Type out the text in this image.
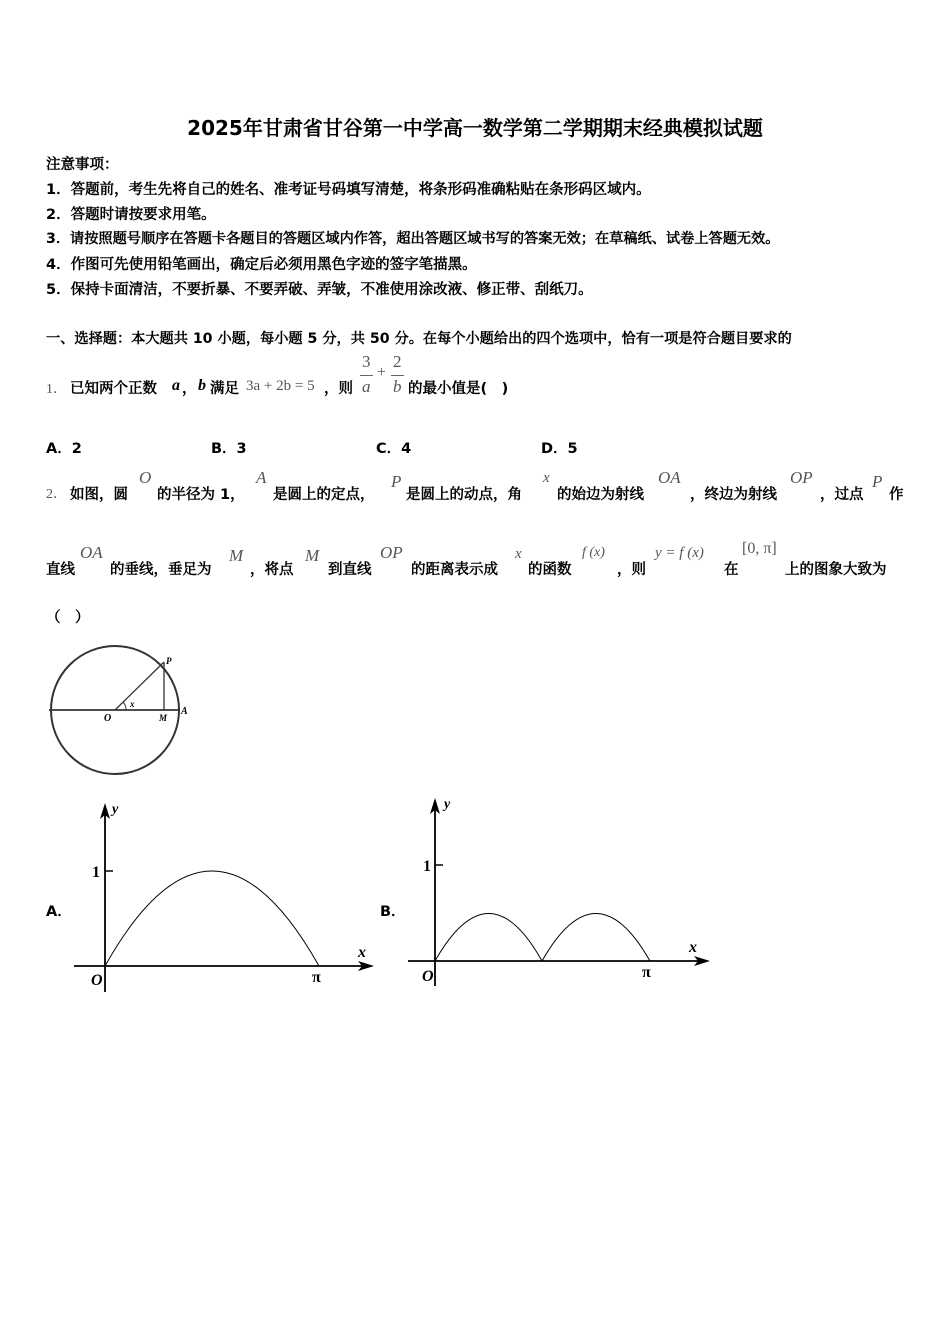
2025年甘肃省甘谷第一中学高一数学第二学期期末经典模拟试题
注意事项：
1．答题前，考生先将自己的姓名、准考证号码填写清楚，将条形码准确粘贴在条形码区域内。
2．答题时请按要求用笔。
3．请按照题号顺序在答题卡各题目的答题区域内作答，超出答题区域书写的答案无效；在草稿纸、试卷上答题无效。
4．作图可先使用铅笔画出，确定后必须用黑色字迹的签字笔描黑。
5．保持卡面清洁，不要折暴、不要弄破、弄皱，不准使用涂改液、修正带、刮纸刀。
一、选择题：本大题共 10 小题，每小题 5 分，共 50 分。在每个小题给出的四个选项中，恰有一项是符合题目要求的
1． 已知两个正数 a ， b 满足 3a + 2b = 5 ，则
3
a
+
2
b 的最小值是(　)
A．2	B．3	C．4	D．5
2． 如图，圆
O
的半径为 1，
A
是圆上的定点，
P
是圆上的动点，角
x
的始边为射线
OA
，终边为射线
OP
，过点
P
作
直线
OA
的垂线，垂足为
M
，将点
M
到直线
OP
的距离表示成
x
的函数
f (x)
，则
y = f (x)
在
[0, π]
上的图象大致为
（　）
O
x
P
M
A
A．
y
x
1
O	π
B．
y
x
1
O	π
